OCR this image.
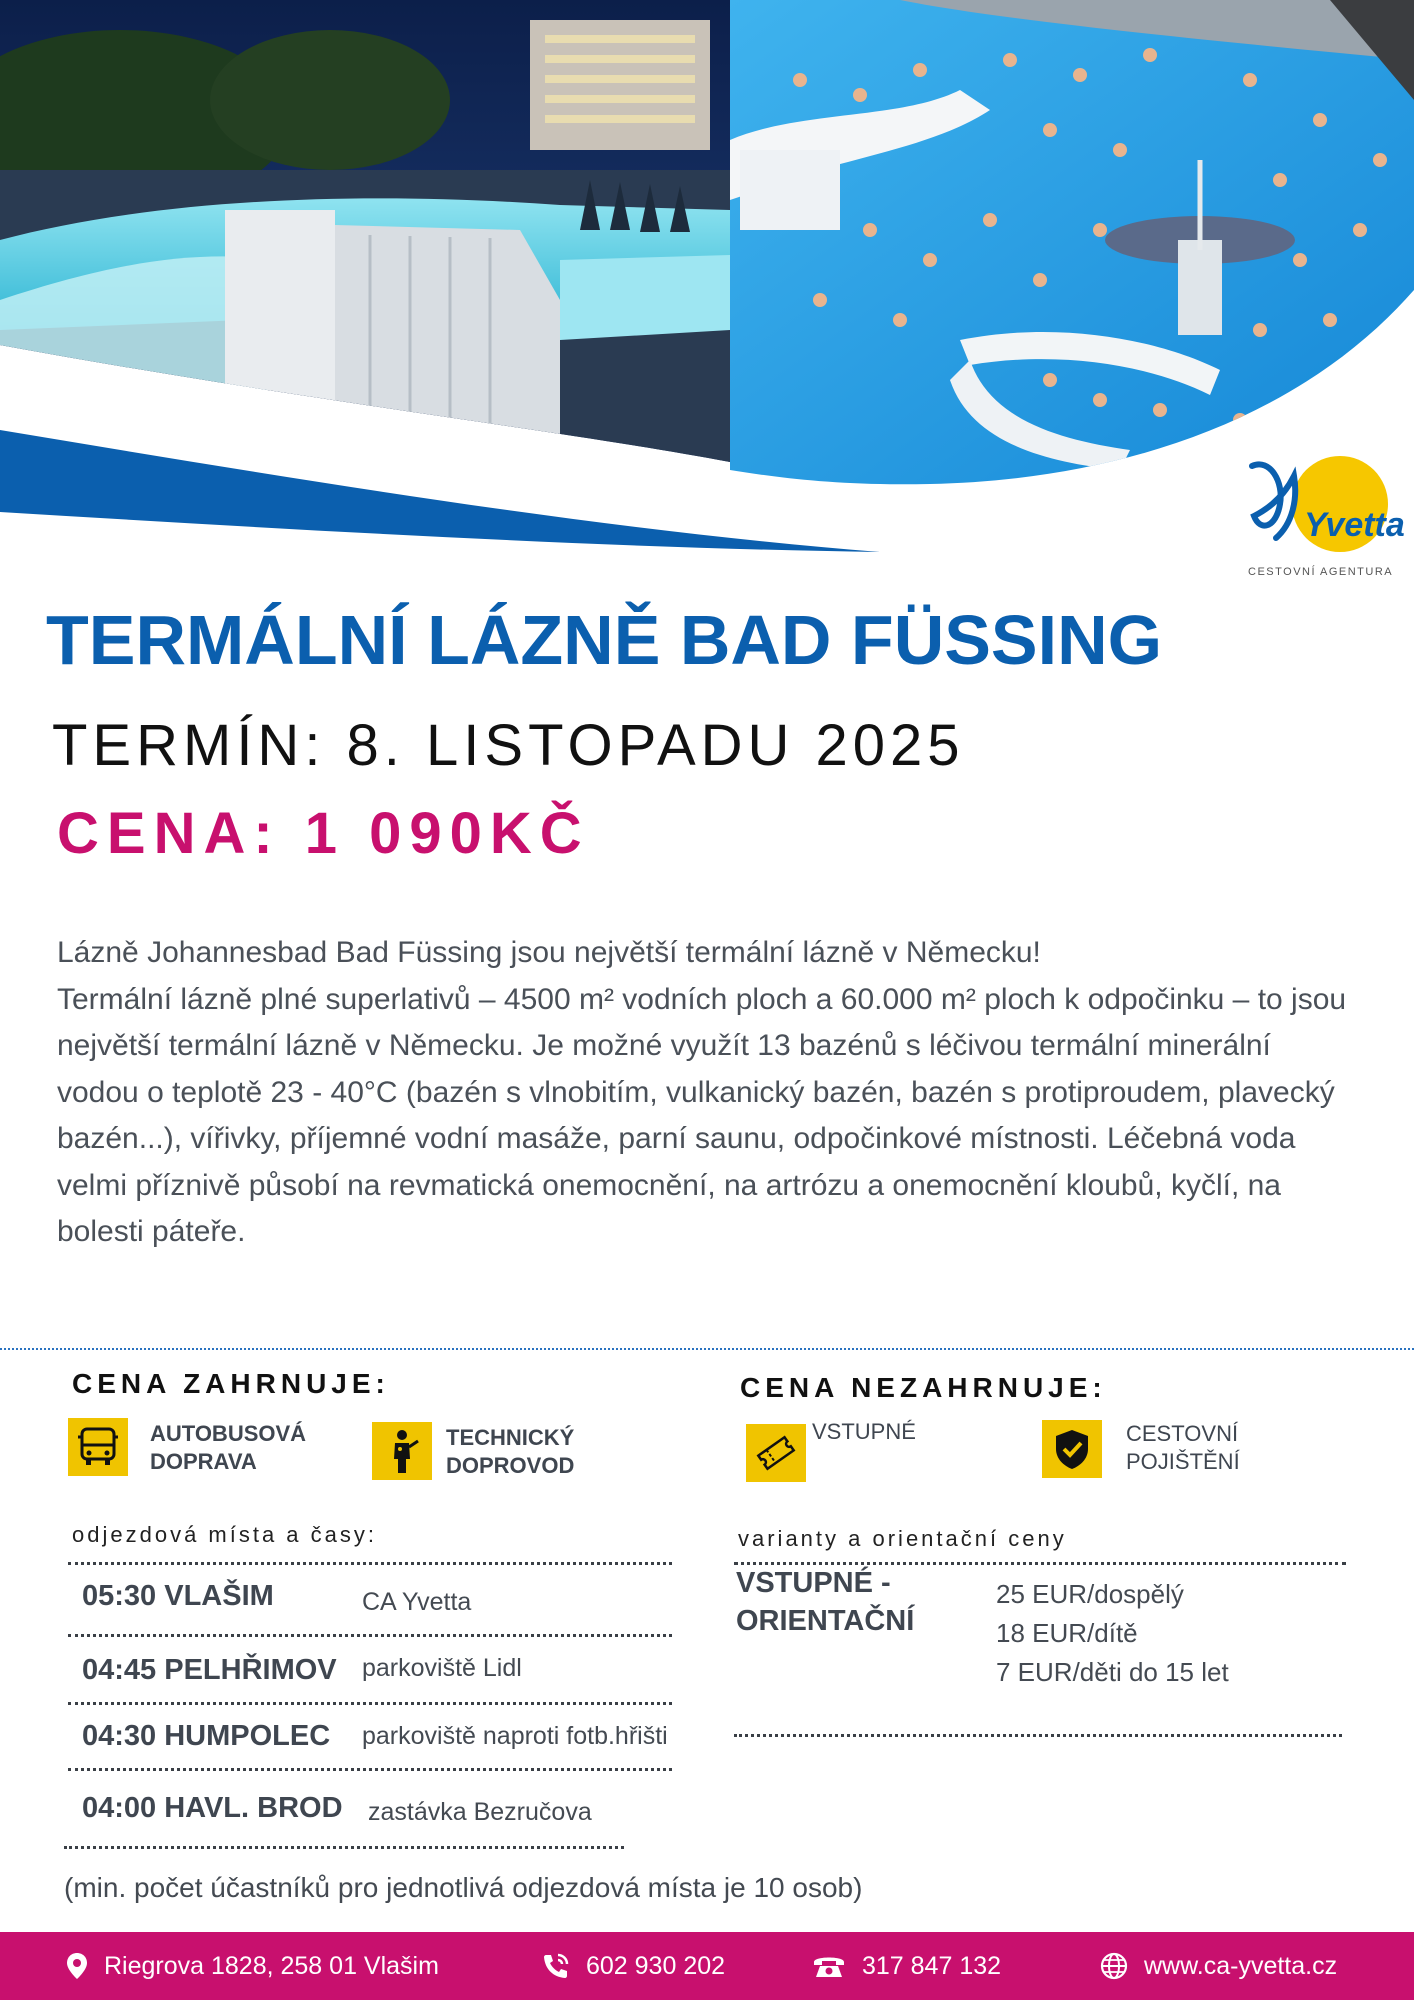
Yvetta
CESTOVNÍ AGENTURA
TERMÁLNÍ LÁZNĚ BAD FÜSSING
TERMÍN: 8. LISTOPADU 2025
CENA: 1 090KČ

Lázně Johannesbad Bad Füssing jsou největší termální lázně v Německu!

Termální lázně plné superlativů – 4500 m² vodních ploch a 60.000 m² ploch k odpočinku – to jsou největší termální lázně v Německu. Je možné využít 13 bazénů s léčivou termální minerální vodou o teplotě 23 - 40°C (bazén s vlnobitím, vulkanický bazén, bazén s protiproudem, plavecký bazén...), vířivky, příjemné vodní masáže, parní saunu, odpočinkové místnosti. Léčebná voda velmi příznivě působí na revmatická onemocnění, na artrózu a onemocnění kloubů, kyčlí, na bolesti páteře.

CENA ZAHRNUJE:
AUTOBUSOVÁ
DOPRAVA
TECHNICKÝ
DOPROVOD
CENA NEZAHRNUJE:
VSTUPNÉ	CESTOVNÍ
POJIŠTĚNÍ
odjezdová místa a časy:
05:30 VLAŠIM	CA Yvetta
04:45 PELHŘIMOV parkoviště Lidl
04:30 HUMPOLEC parkoviště naproti fotb.hřišti
04:00 HAVL. BROD zastávka Bezručova
varianty a orientační ceny
VSTUPNÉ -
ORIENTAČNÍ
25 EUR/dospělý
18 EUR/dítě
7 EUR/děti do 15 let
(min. počet účastníků pro jednotlivá odjezdová místa je 10 osob)
Riegrova 1828, 258 01 Vlašim	602 930 202	317 847 132	www.ca-yvetta.cz
